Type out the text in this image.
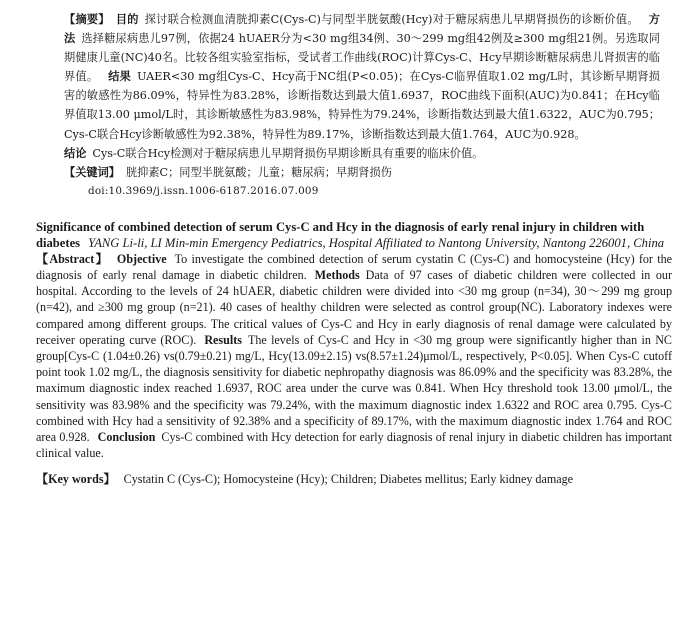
【摘要】 目的 探讨联合检测血清胱抑素C(Cys-C)与同型半胱氨酸(Hcy)对于糖尿病患儿早期肾损伤的诊断价值。 方法 选择糖尿病患儿97例，依据24 hUAER分为<30 mg组34例、30～299 mg组42例及≥300 mg组21例。另选取同期健康儿童(NC)40名。比较各组实验室指标，受试者工作曲线(ROC)计算Cys-C、Hcy早期诊断糖尿病患儿肾损害的临界值。 结果 UAER<30 mg组Cys-C、Hcy高于NC组(P<0.05)；在Cys-C临界值取1.02 mg/L时，其诊断早期肾损害的敏感性为86.09%，特异性为83.28%，诊断指数达到最大值1.6937，ROC曲线下面积(AUC)为0.841；在Hcy临界值取13.00 μmol/L时，其诊断敏感性为83.98%，特异性为79.24%，诊断指数达到最大值1.6322，AUC为0.795；Cys-C联合Hcy诊断敏感性为92.38%，特异性为89.17%，诊断指数达到最大值1.764，AUC为0.928。
结论 Cys-C联合Hcy检测对于糖尿病患儿早期肾损伤早期诊断具有重要的临床价值。
【关键词】 胱抑素C；同型半胱氨酸；儿童；糖尿病；早期肾损伤
doi:10.3969/j.issn.1006-6187.2016.07.009
Significance of combined detection of serum Cys-C and Hcy in the diagnosis of early renal injury in children with diabetes YANG Li-li, LI Min-min Emergency Pediatrics, Hospital Affiliated to Nantong University, Nantong 226001, China
【Abstract】 Objective To investigate the combined detection of serum cystatin C (Cys-C) and homocysteine (Hcy) for the diagnosis of early renal damage in diabetic children. Methods Data of 97 cases of diabetic children were collected in our hospital. According to the levels of 24 hUAER, diabetic children were divided into <30 mg group (n=34), 30～299 mg group (n=42), and ≥300 mg group (n=21). 40 cases of healthy children were selected as control group(NC). Laboratory indexes were compared among different groups. The critical values of Cys-C and Hcy in early diagnosis of renal damage were calculated by receiver operating curve (ROC). Results The levels of Cys-C and Hcy in <30 mg group were significantly higher than in NC group[Cys-C (1.04±0.26) vs(0.79±0.21) mg/L, Hcy(13.09±2.15) vs(8.57±1.24)μmol/L, respectively, P<0.05]. When Cys-C cutoff point took 1.02 mg/L, the diagnosis sensitivity for diabetic nephropathy diagnosis was 86.09% and the specificity was 83.28%, the maximum diagnostic index reached 1.6937, ROC area under the curve was 0.841. When Hcy threshold took 13.00 μmol/L, the sensitivity was 83.98% and the specificity was 79.24%, with the maximum diagnostic index 1.6322 and ROC area 0.795. Cys-C combined with Hcy had a sensitivity of 92.38% and a specificity of 89.17%, with the maximum diagnostic index 1.764 and ROC area 0.928. Conclusion Cys-C combined with Hcy detection for early diagnosis of renal injury in diabetic children has important clinical value.
【Key words】 Cystatin C (Cys-C); Homocysteine (Hcy); Children; Diabetes mellitus; Early kidney damage
